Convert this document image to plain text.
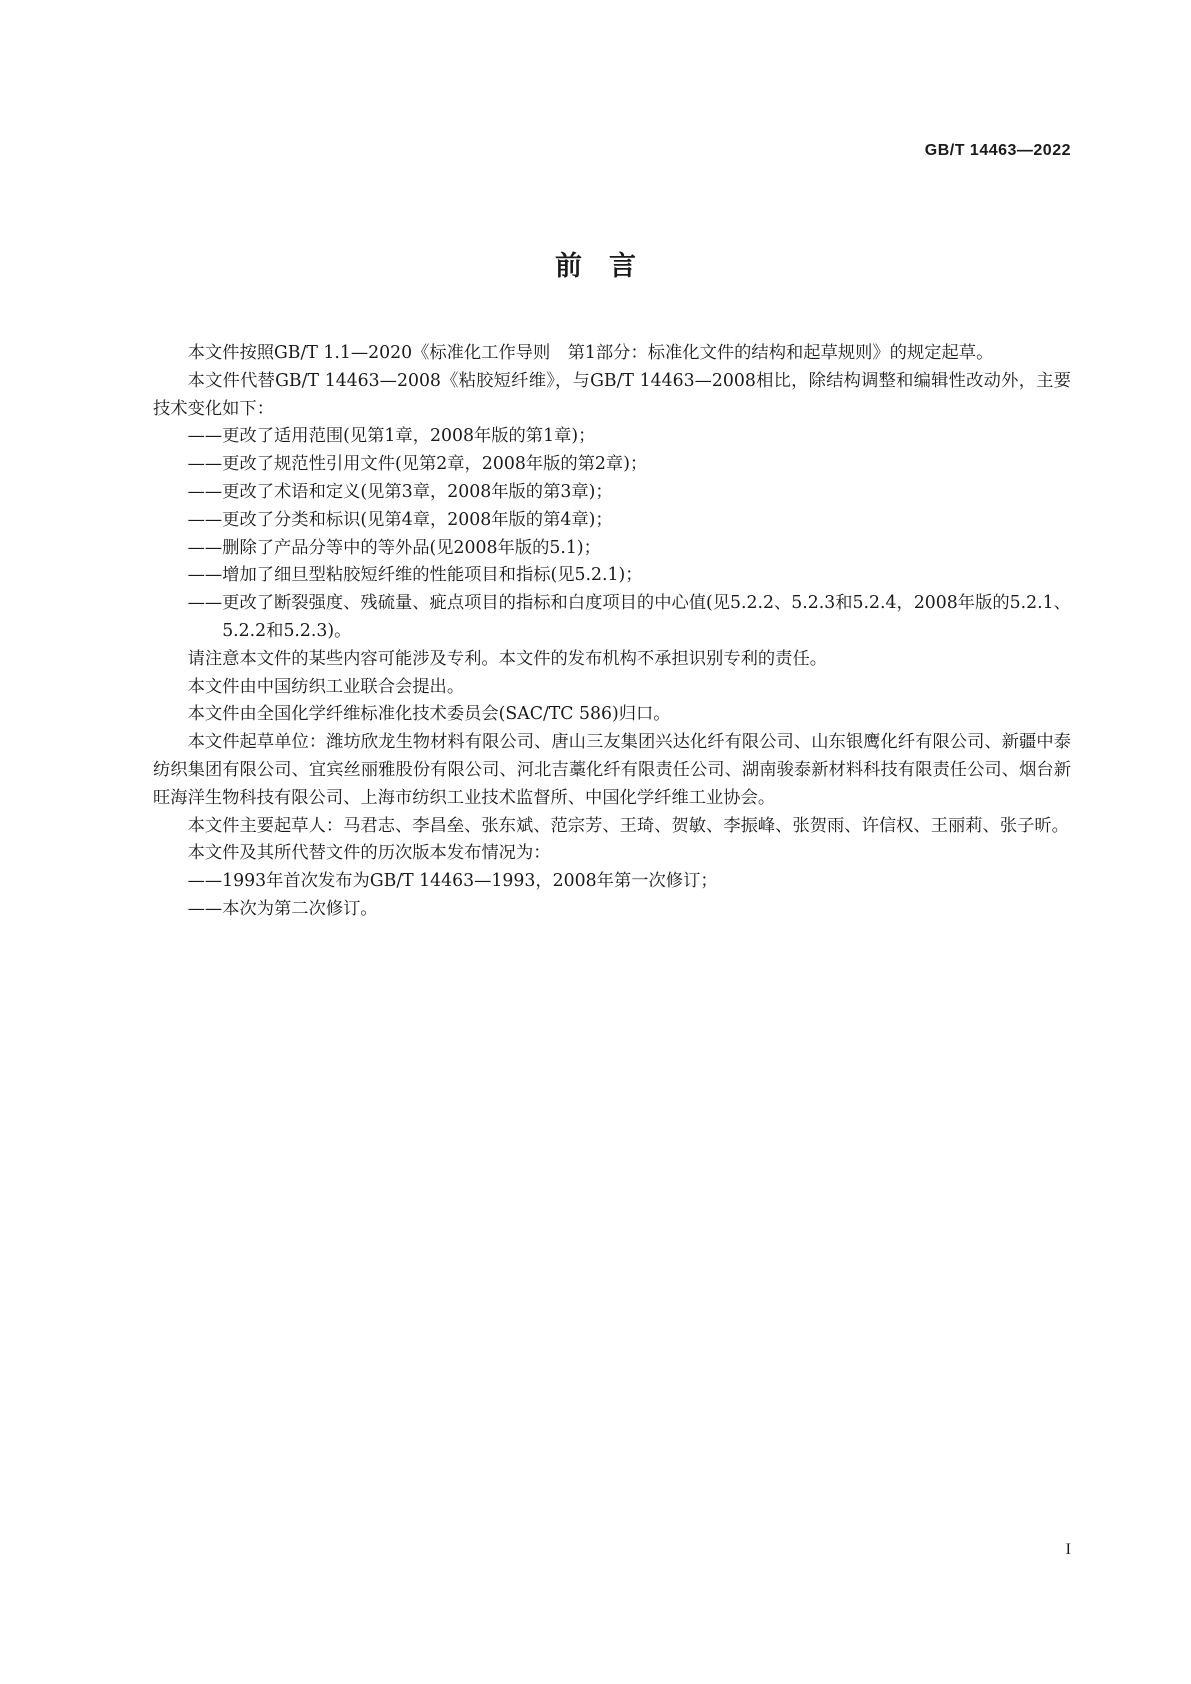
GB/T 14463—2022
前　言

本文件按照GB/T 1.1—2020《标准化工作导则　第1部分：标准化文件的结构和起草规则》的规定起草。

本文件代替GB/T 14463—2008《粘胶短纤维》，与GB/T 14463—2008相比，除结构调整和编辑性改动外，主要技术变化如下：

——更改了适用范围(见第1章，2008年版的第1章)；

——更改了规范性引用文件(见第2章，2008年版的第2章)；

——更改了术语和定义(见第3章，2008年版的第3章)；

——更改了分类和标识(见第4章，2008年版的第4章)；

——删除了产品分等中的等外品(见2008年版的5.1)；

——增加了细旦型粘胶短纤维的性能项目和指标(见5.2.1)；

——更改了断裂强度、残硫量、疵点项目的指标和白度项目的中心值(见5.2.2、5.2.3和5.2.4，2008年版的5.2.1、5.2.2和5.2.3)。

请注意本文件的某些内容可能涉及专利。本文件的发布机构不承担识别专利的责任。

本文件由中国纺织工业联合会提出。

本文件由全国化学纤维标准化技术委员会(SAC/TC 586)归口。

本文件起草单位：潍坊欣龙生物材料有限公司、唐山三友集团兴达化纤有限公司、山东银鹰化纤有限公司、新疆中泰纺织集团有限公司、宜宾丝丽雅股份有限公司、河北吉藁化纤有限责任公司、湖南骏泰新材料科技有限责任公司、烟台新旺海洋生物科技有限公司、上海市纺织工业技术监督所、中国化学纤维工业协会。

本文件主要起草人：马君志、李昌垒、张东斌、范宗芳、王琦、贺敏、李振峰、张贺雨、许信权、王丽莉、张子昕。

本文件及其所代替文件的历次版本发布情况为：

——1993年首次发布为GB/T 14463—1993，2008年第一次修订；

——本次为第二次修订。

I
